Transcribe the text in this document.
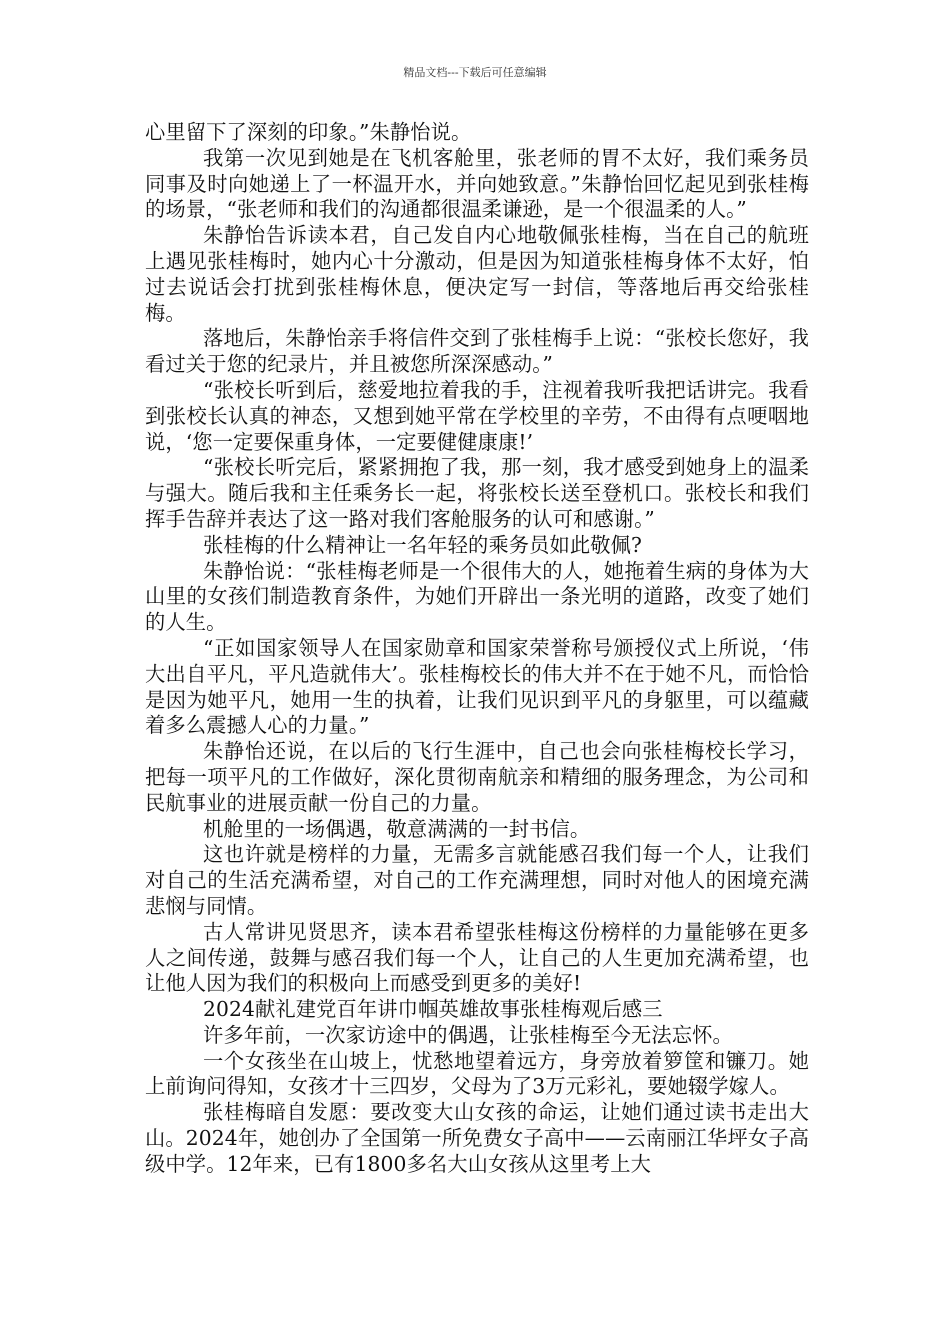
精品文档---下载后可任意编辑

心里留下了深刻的印象。”朱静怡说。

我第一次见到她是在飞机客舱里，张老师的胃不太好，我们乘务员同事及时向她递上了一杯温开水，并向她致意。”朱静怡回忆起见到张桂梅的场景，“张老师和我们的沟通都很温柔谦逊，是一个很温柔的人。”

朱静怡告诉读本君，自己发自内心地敬佩张桂梅，当在自己的航班上遇见张桂梅时，她内心十分激动，但是因为知道张桂梅身体不太好，怕过去说话会打扰到张桂梅休息，便决定写一封信，等落地后再交给张桂梅。

落地后，朱静怡亲手将信件交到了张桂梅手上说：“张校长您好，我看过关于您的纪录片，并且被您所深深感动。”

“张校长听到后，慈爱地拉着我的手，注视着我听我把话讲完。我看到张校长认真的神态，又想到她平常在学校里的辛劳，不由得有点哽咽地说，‘您一定要保重身体，一定要健健康康!’

“张校长听完后，紧紧拥抱了我，那一刻，我才感受到她身上的温柔与强大。随后我和主任乘务长一起，将张校长送至登机口。张校长和我们挥手告辞并表达了这一路对我们客舱服务的认可和感谢。”

张桂梅的什么精神让一名年轻的乘务员如此敬佩?

朱静怡说：“张桂梅老师是一个很伟大的人，她拖着生病的身体为大山里的女孩们制造教育条件，为她们开辟出一条光明的道路，改变了她们的人生。

“正如国家领导人在国家勋章和国家荣誉称号颁授仪式上所说，‘伟大出自平凡，平凡造就伟大’。张桂梅校长的伟大并不在于她不凡，而恰恰是因为她平凡，她用一生的执着，让我们见识到平凡的身躯里，可以蕴藏着多么震撼人心的力量。”

朱静怡还说，在以后的飞行生涯中，自己也会向张桂梅校长学习，把每一项平凡的工作做好，深化贯彻南航亲和精细的服务理念，为公司和民航事业的进展贡献一份自己的力量。

机舱里的一场偶遇，敬意满满的一封书信。

这也许就是榜样的力量，无需多言就能感召我们每一个人，让我们对自己的生活充满希望，对自己的工作充满理想，同时对他人的困境充满悲悯与同情。

古人常讲见贤思齐，读本君希望张桂梅这份榜样的力量能够在更多人之间传递，鼓舞与感召我们每一个人，让自己的人生更加充满希望，也让他人因为我们的积极向上而感受到更多的美好!

2024献礼建党百年讲巾帼英雄故事张桂梅观后感三

许多年前，一次家访途中的偶遇，让张桂梅至今无法忘怀。

一个女孩坐在山坡上，忧愁地望着远方，身旁放着箩筐和镰刀。她上前询问得知，女孩才十三四岁，父母为了3万元彩礼，要她辍学嫁人。

张桂梅暗自发愿：要改变大山女孩的命运，让她们通过读书走出大山。2024年，她创办了全国第一所免费女子高中——云南丽江华坪女子高级中学。12年来，已有1800多名大山女孩从这里考上大
